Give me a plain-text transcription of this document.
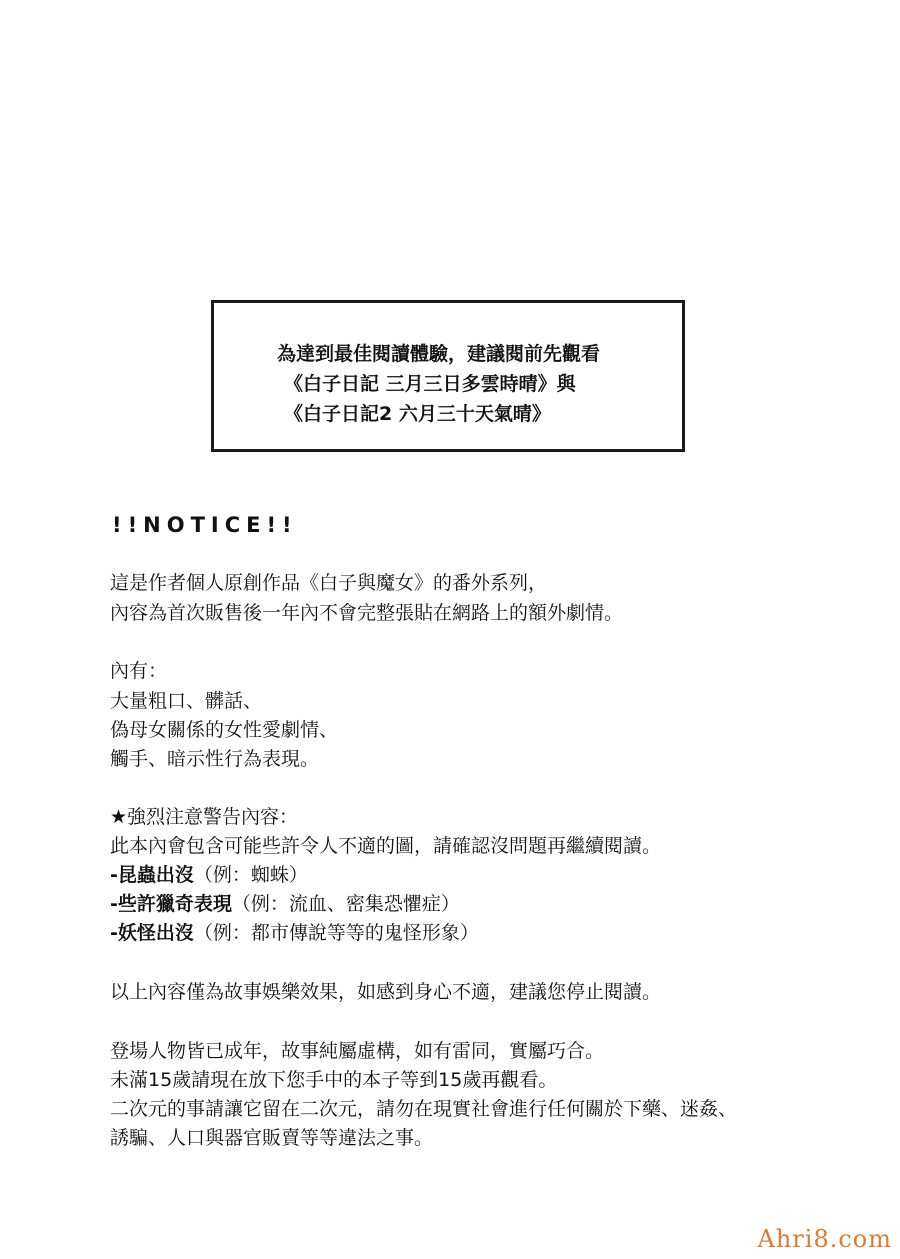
為達到最佳閱讀體驗，建議閱前先觀看
《白子日記 三月三日多雲時晴》與
《白子日記2 六月三十天氣晴》
!!NOTICE!!
這是作者個人原創作品《白子與魔女》的番外系列，
內容為首次販售後一年內不會完整張貼在網路上的額外劇情。
內有：
大量粗口、髒話、
偽母女關係的女性愛劇情、
觸手、暗示性行為表現。
★強烈注意警告內容：
此本內會包含可能些許令人不適的圖，請確認沒問題再繼續閱讀。
-昆蟲出沒（例：蜘蛛）
-些許獵奇表現（例：流血、密集恐懼症）
-妖怪出沒（例：都市傳說等等的鬼怪形象）
以上內容僅為故事娛樂效果，如感到身心不適，建議您停止閱讀。
登場人物皆已成年，故事純屬虛構，如有雷同，實屬巧合。
未滿15歲請現在放下您手中的本子等到15歲再觀看。
二次元的事請讓它留在二次元，請勿在現實社會進行任何關於下藥、迷姦、
誘騙、人口與器官販賣等等違法之事。
Ahri8.com
